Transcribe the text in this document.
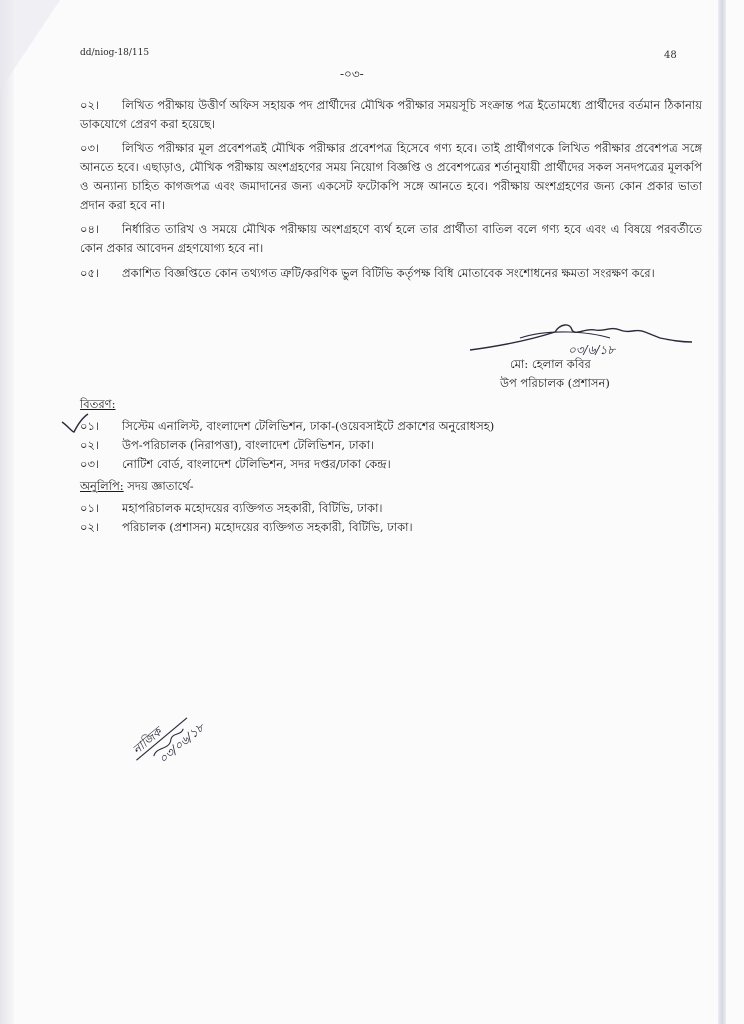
dd/niog-18/115	48
-০৩-
০২। লিখিত পরীক্ষায় উত্তীর্ণ অফিস সহায়ক পদ প্রার্থীদের মৌখিক পরীক্ষার সময়সূচি সংক্রান্ত পত্র ইতোমধ্যে প্রার্থীদের বর্তমান ঠিকানায় ডাকযোগে প্রেরণ করা হয়েছে।
০৩। লিখিত পরীক্ষার মূল প্রবেশপত্রই মৌখিক পরীক্ষার প্রবেশপত্র হিসেবে গণ্য হবে। তাই প্রার্থীগণকে লিখিত পরীক্ষার প্রবেশপত্র সঙ্গে আনতে হবে। এছাড়াও, মৌখিক পরীক্ষায় অংশগ্রহণের সময় নিয়োগ বিজ্ঞপ্তি ও প্রবেশপত্রের শর্তানুযায়ী প্রার্থীদের সকল সনদপত্রের মূলকপি ও অন্যান্য চাহিত কাগজপত্র এবং জমাদানের জন্য একসেট ফটোকপি সঙ্গে আনতে হবে। পরীক্ষায় অংশগ্রহণের জন্য কোন প্রকার ভাতা প্রদান করা হবে না।
০৪। নির্ধারিত তারিখ ও সময়ে মৌখিক পরীক্ষায় অংশগ্রহণে ব্যর্থ হলে তার প্রার্থীতা বাতিল বলে গণ্য হবে এবং এ বিষয়ে পরবর্তীতে কোন প্রকার আবেদন গ্রহণযোগ্য হবে না।
০৫। প্রকাশিত বিজ্ঞপ্তিতে কোন তথ্যগত ত্রুটি/করণিক ভুল বিটিভি কর্তৃপক্ষ বিধি মোতাবেক সংশোধনের ক্ষমতা সংরক্ষণ করে।
০৩/৬/১৮
মো: হেলাল কবির
উপ পরিচালক (প্রশাসন)
বিতরণ:
০১। সিস্টেম এনালিস্ট, বাংলাদেশ টেলিভিশন, ঢাকা-(ওয়েবসাইটে প্রকাশের অনুরোধসহ)
০২। উপ-পরিচালক (নিরাপত্তা), বাংলাদেশ টেলিভিশন, ঢাকা।
০৩। নোটিশ বোর্ড, বাংলাদেশ টেলিভিশন, সদর দপ্তর/ঢাকা কেন্দ্র।
অনুলিপি: সদয় জ্ঞাতার্থে-
০১। মহাপরিচালক মহোদয়ের ব্যক্তিগত সহকারী, বিটিভি, ঢাকা।
০২। পরিচালক (প্রশাসন) মহোদয়ের ব্যক্তিগত সহকারী, বিটিভি, ঢাকা।
নাজিক
০৩/০৬/১৮
